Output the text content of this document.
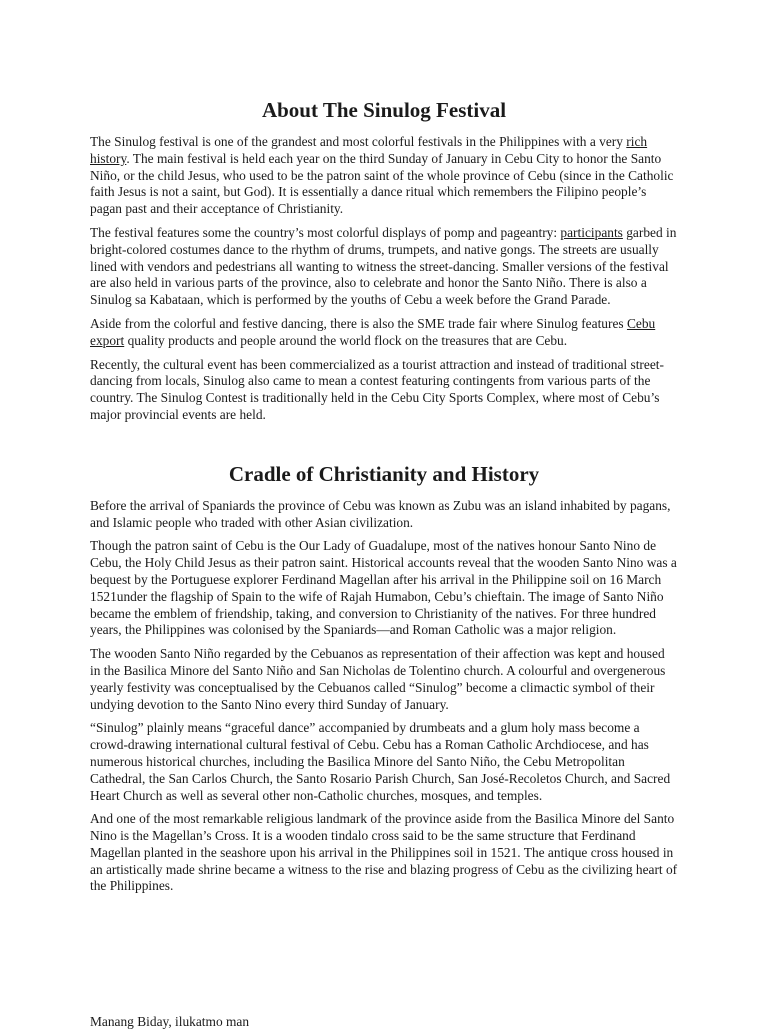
About The Sinulog Festival

The Sinulog festival is one of the grandest and most colorful festivals in the Philippines with a very rich history. The main festival is held each year on the third Sunday of January in Cebu City to honor the Santo Niño, or the child Jesus, who used to be the patron saint of the whole province of Cebu (since in the Catholic faith Jesus is not a saint, but God). It is essentially a dance ritual which remembers the Filipino people’s pagan past and their acceptance of Christianity.

The festival features some the country’s most colorful displays of pomp and pageantry: participants garbed in bright-colored costumes dance to the rhythm of drums, trumpets, and native gongs. The streets are usually lined with vendors and pedestrians all wanting to witness the street-dancing. Smaller versions of the festival are also held in various parts of the province, also to celebrate and honor the Santo Niño. There is also a Sinulog sa Kabataan, which is performed by the youths of Cebu a week before the Grand Parade.

Aside from the colorful and festive dancing, there is also the SME trade fair where Sinulog features Cebu export quality products and people around the world flock on the treasures that are Cebu.

Recently, the cultural event has been commercialized as a tourist attraction and instead of traditional street-dancing from locals, Sinulog also came to mean a contest featuring contingents from various parts of the country. The Sinulog Contest is traditionally held in the Cebu City Sports Complex, where most of Cebu’s major provincial events are held.

Cradle of Christianity and History

Before the arrival of Spaniards the province of Cebu was known as Zubu was an island inhabited by pagans, and Islamic people who traded with other Asian civilization.

Though the patron saint of Cebu is the Our Lady of Guadalupe, most of the natives honour Santo Nino de Cebu, the Holy Child Jesus as their patron saint. Historical accounts reveal that the wooden Santo Nino was a bequest by the Portuguese explorer Ferdinand Magellan after his arrival in the Philippine soil on 16 March 1521under the flagship of Spain to the wife of Rajah Humabon, Cebu’s chieftain. The image of Santo Niño became the emblem of friendship, taking, and conversion to Christianity of the natives. For three hundred years, the Philippines was colonised by the Spaniards—and Roman Catholic was a major religion.

The wooden Santo Niño regarded by the Cebuanos as representation of their affection was kept and housed in the Basilica Minore del Santo Niño and San Nicholas de Tolentino church. A colourful and overgenerous yearly festivity was conceptualised by the Cebuanos called “Sinulog” become a climactic symbol of their undying devotion to the Santo Nino every third Sunday of January.

“Sinulog” plainly means “graceful dance” accompanied by drumbeats and a glum holy mass become a crowd-drawing international cultural festival of Cebu. Cebu has a Roman Catholic Archdiocese, and has numerous historical churches, including the Basilica Minore del Santo Niño, the Cebu Metropolitan Cathedral, the San Carlos Church, the Santo Rosario Parish Church, San José-Recoletos Church, and Sacred Heart Church as well as several other non-Catholic churches, mosques, and temples.

And one of the most remarkable religious landmark of the province aside from the Basilica Minore del Santo Nino is the Magellan’s Cross. It is a wooden tindalo cross said to be the same structure that Ferdinand Magellan planted in the seashore upon his arrival in the Philippines soil in 1521. The antique cross housed in an artistically made shrine became a witness to the rise and blazing progress of Cebu as the civilizing heart of the Philippines.

Manang Biday, ilukatmo man
